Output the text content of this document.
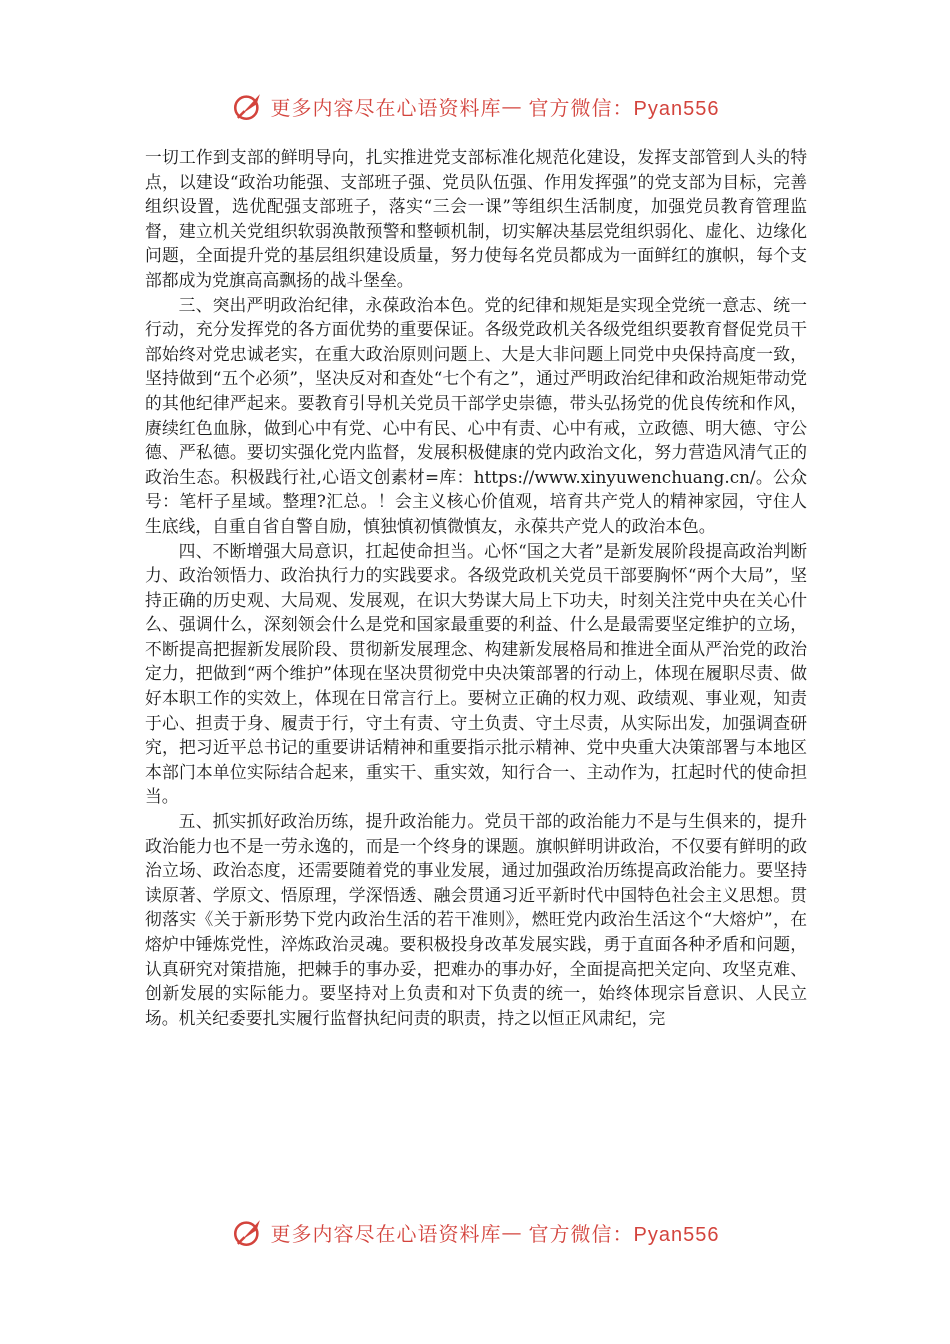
更多内容尽在心语资料库 — 官方微信：Pyan556

一切工作到支部的鲜明导向，扎实推进党支部标准化规范化建设，发挥支部管到人头的特点，以建设“政治功能强、支部班子强、党员队伍强、作用发挥强”的党支部为目标，完善组织设置，选优配强支部班子，落实“三会一课”等组织生活制度，加强党员教育管理监督，建立机关党组织软弱涣散预警和整顿机制，切实解决基层党组织弱化、虚化、边缘化问题，全面提升党的基层组织建设质量，努力使每名党员都成为一面鲜红的旗帜，每个支部都成为党旗高高飘扬的战斗堡垒。

三、突出严明政治纪律，永葆政治本色。党的纪律和规矩是实现全党统一意志、统一行动，充分发挥党的各方面优势的重要保证。各级党政机关各级党组织要教育督促党员干部始终对党忠诚老实，在重大政治原则问题上、大是大非问题上同党中央保持高度一致，坚持做到“五个必须”，坚决反对和查处“七个有之”，通过严明政治纪律和政治规矩带动党的其他纪律严起来。要教育引导机关党员干部学史崇德，带头弘扬党的优良传统和作风，赓续红色血脉，做到心中有党、心中有民、心中有责、心中有戒，立政德、明大德、守公德、严私德。要切实强化党内监督，发展积极健康的党内政治文化，努力营造风清气正的政治生态。积极践行社,心语文创素材=库：https://www.xinyuwenchuang.cn/。公众号：笔杆子星域。整理?汇总。！会主义核心价值观，培育共产党人的精神家园，守住人生底线，自重自省自警自励，慎独慎初慎微慎友，永葆共产党人的政治本色。

四、不断增强大局意识，扛起使命担当。心怀“国之大者”是新发展阶段提高政治判断力、政治领悟力、政治执行力的实践要求。各级党政机关党员干部要胸怀“两个大局”，坚持正确的历史观、大局观、发展观，在识大势谋大局上下功夫，时刻关注党中央在关心什么、强调什么，深刻领会什么是党和国家最重要的利益、什么是最需要坚定维护的立场，不断提高把握新发展阶段、贯彻新发展理念、构建新发展格局和推进全面从严治党的政治定力，把做到“两个维护”体现在坚决贯彻党中央决策部署的行动上，体现在履职尽责、做好本职工作的实效上，体现在日常言行上。要树立正确的权力观、政绩观、事业观，知责于心、担责于身、履责于行，守土有责、守土负责、守土尽责，从实际出发，加强调查研究，把习近平总书记的重要讲话精神和重要指示批示精神、党中央重大决策部署与本地区本部门本单位实际结合起来，重实干、重实效，知行合一、主动作为，扛起时代的使命担当。

五、抓实抓好政治历练，提升政治能力。党员干部的政治能力不是与生俱来的，提升政治能力也不是一劳永逸的，而是一个终身的课题。旗帜鲜明讲政治，不仅要有鲜明的政治立场、政治态度，还需要随着党的事业发展，通过加强政治历练提高政治能力。要坚持读原著、学原文、悟原理，学深悟透、融会贯通习近平新时代中国特色社会主义思想。贯彻落实《关于新形势下党内政治生活的若干准则》，燃旺党内政治生活这个“大熔炉”，在熔炉中锤炼党性，淬炼政治灵魂。要积极投身改革发展实践，勇于直面各种矛盾和问题，认真研究对策措施，把棘手的事办妥，把难办的事办好，全面提高把关定向、攻坚克难、创新发展的实际能力。要坚持对上负责和对下负责的统一，始终体现宗旨意识、人民立场。机关纪委要扎实履行监督执纪问责的职责，持之以恒正风肃纪，完

更多内容尽在心语资料库 — 官方微信：Pyan556
